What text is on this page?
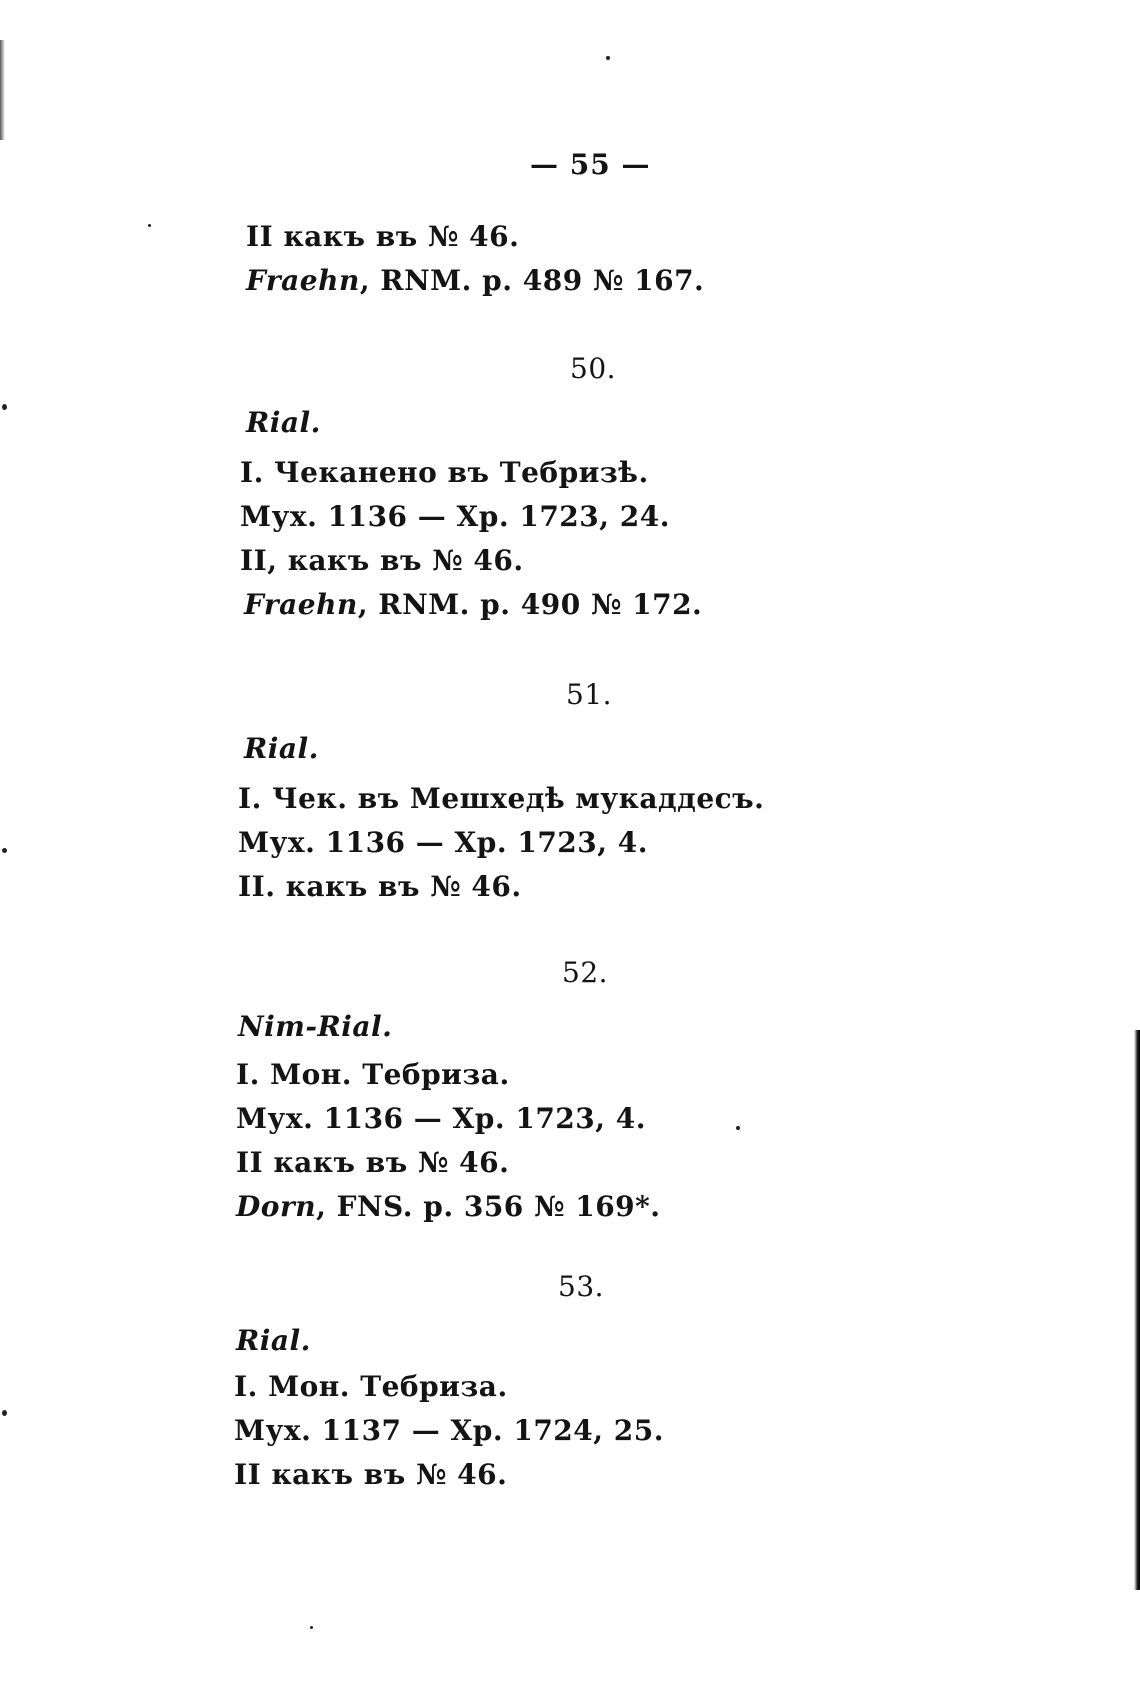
— 55 —
II какъ въ № 46.
Fraehn, RNM. p. 489 № 167.
50.
Rial.
I. Чеканено въ Тебризѣ.
Мух. 1136 — Хр. 1723, 24.
II, какъ въ № 46.
Fraehn, RNM. p. 490 № 172.
51.
Rial.
I. Чек. въ Мешхедѣ мукаддесъ.
Мух. 1136 — Хр. 1723, 4.
II. какъ въ № 46.
52.
Nim-Rial.
I. Мон. Тебриза.
Мух. 1136 — Хр. 1723, 4.
II какъ въ № 46.
Dorn, FNS. p. 356 № 169*.
53.
Rial.
I. Мон. Тебриза.
Мух. 1137 — Хр. 1724, 25.
II какъ въ № 46.
